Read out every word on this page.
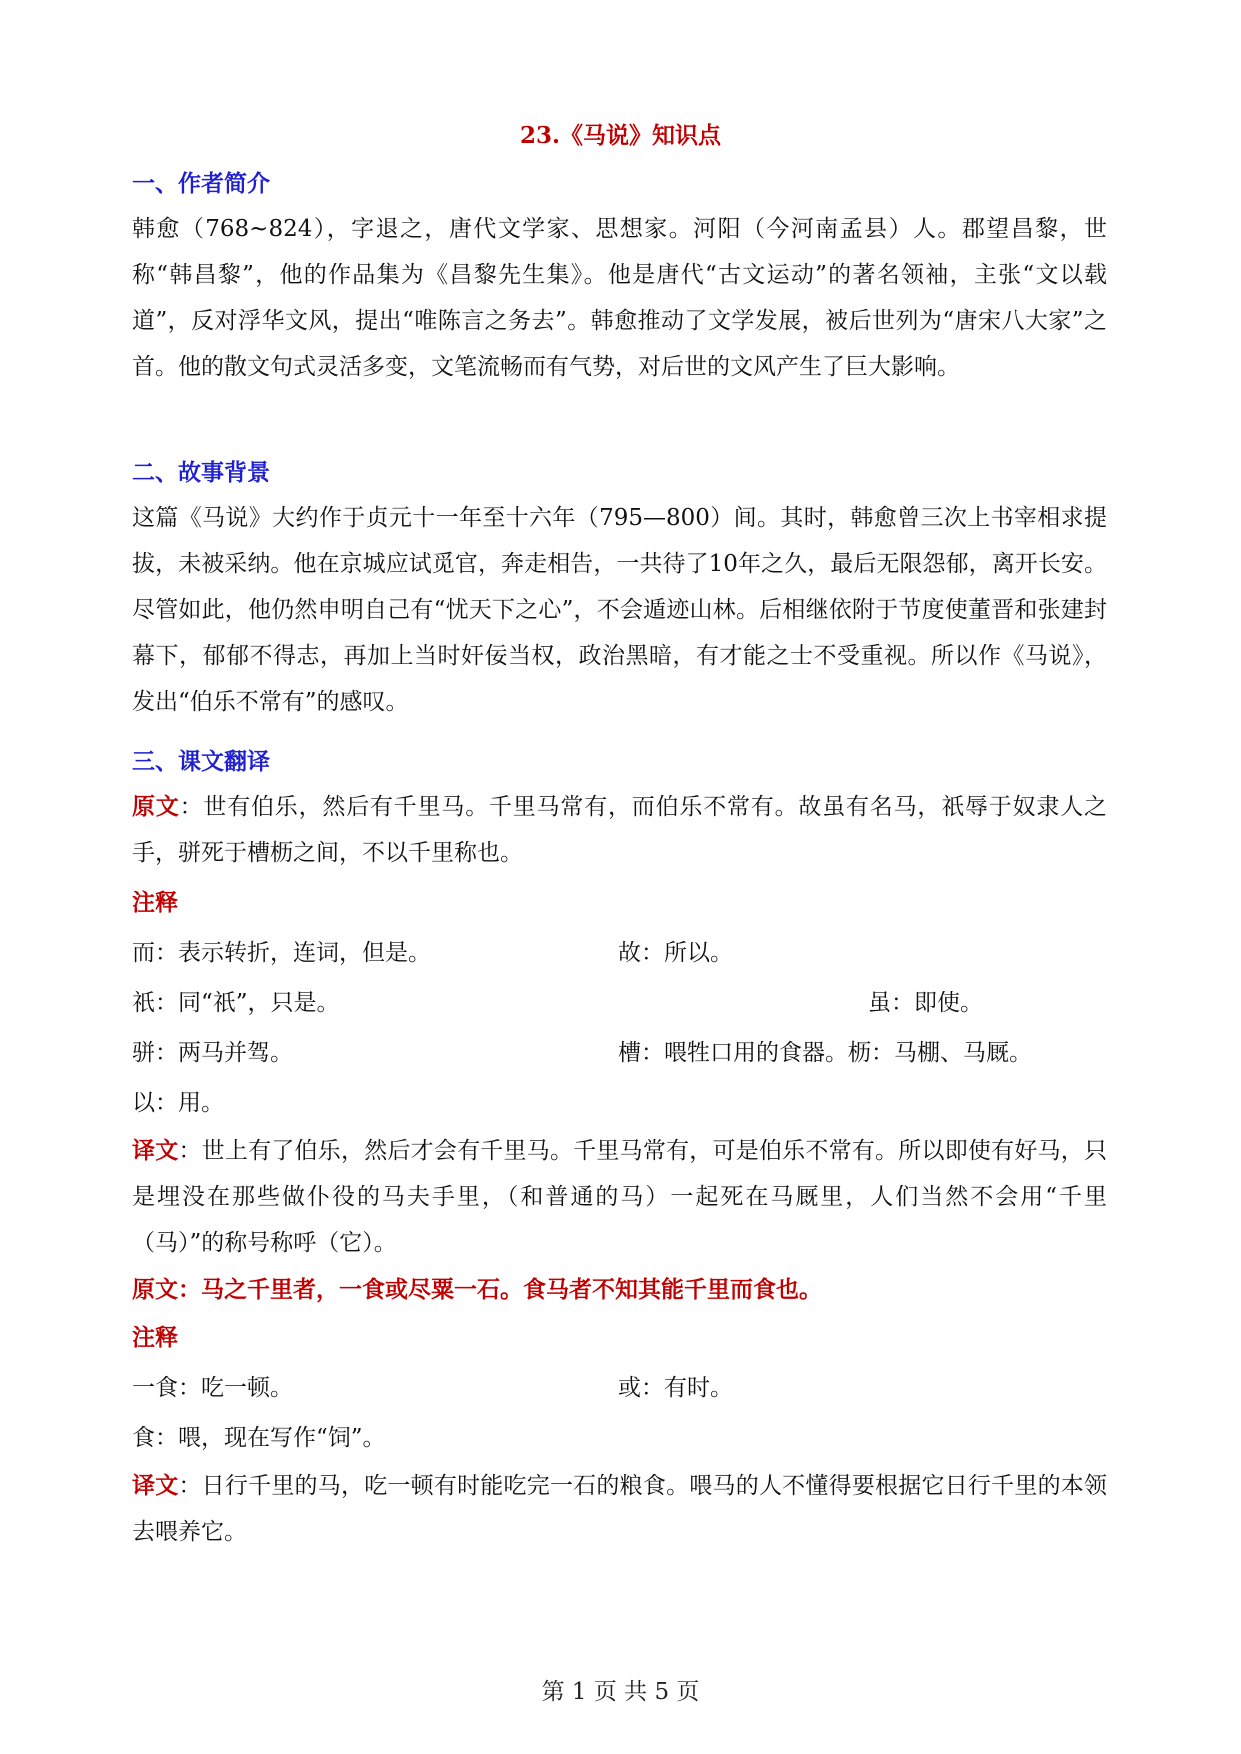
23.《马说》知识点
一、作者简介
韩愈（768~824），字退之，唐代文学家、思想家。河阳（今河南孟县）人。郡望昌黎，世称“韩昌黎”，他的作品集为《昌黎先生集》。他是唐代“古文运动”的著名领袖，主张“文以载道”，反对浮华文风，提出“唯陈言之务去”。韩愈推动了文学发展，被后世列为“唐宋八大家”之首。他的散文句式灵活多变，文笔流畅而有气势，对后世的文风产生了巨大影响。
二、故事背景
这篇《马说》大约作于贞元十一年至十六年（795—800）间。其时，韩愈曾三次上书宰相求提拔，未被采纳。他在京城应试觅官，奔走相告，一共待了10年之久，最后无限怨郁，离开长安。尽管如此，他仍然申明自己有“忧天下之心”，不会遁迹山林。后相继依附于节度使董晋和张建封幕下，郁郁不得志，再加上当时奸佞当权，政治黑暗，有才能之士不受重视。所以作《马说》，发出“伯乐不常有”的感叹。
三、课文翻译
原文：世有伯乐，然后有千里马。千里马常有，而伯乐不常有。故虽有名马，祇辱于奴隶人之手，骈死于槽枥之间，不以千里称也。
注释
而：表示转折，连词，但是。	故：所以。
祇：同“祇”，只是。	虽：即使。
骈：两马并驾。	槽：喂牲口用的食器。枥：马棚、马厩。
以：用。
译文：世上有了伯乐，然后才会有千里马。千里马常有，可是伯乐不常有。所以即使有好马，只是埋没在那些做仆役的马夫手里，（和普通的马）一起死在马厩里，人们当然不会用“千里（马）”的称号称呼（它）。
原文：马之千里者，一食或尽粟一石。食马者不知其能千里而食也。
注释
一食：吃一顿。	或：有时。
食：喂，现在写作“饲”。
译文：日行千里的马，吃一顿有时能吃完一石的粮食。喂马的人不懂得要根据它日行千里的本领去喂养它。
第 1 页 共 5 页
